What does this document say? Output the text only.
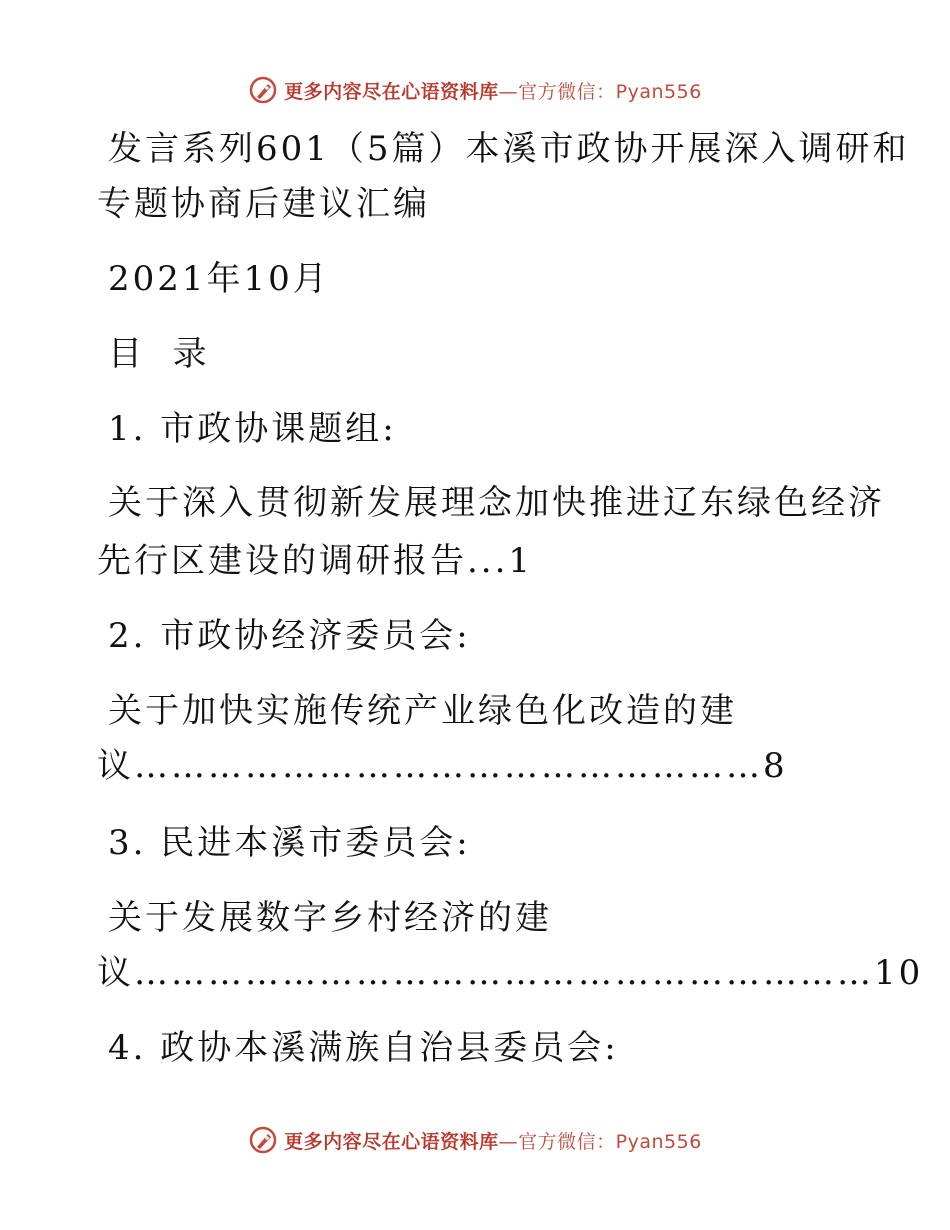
更多内容尽在心语资料库—官方微信：Pyan556
发言系列601（5篇）本溪市政协开展深入调研和
专题协商后建议汇编
2021年10月
目  录
1. 市政协课题组:
关于深入贯彻新发展理念加快推进辽东绿色经济
先行区建设的调研报告...1
2. 市政协经济委员会:
关于加快实施传统产业绿色化改造的建
议……………………………………………8
3. 民进本溪市委员会:
关于发展数字乡村经济的建
议……………………………………………………10
4. 政协本溪满族自治县委员会:
更多内容尽在心语资料库—官方微信：Pyan556
